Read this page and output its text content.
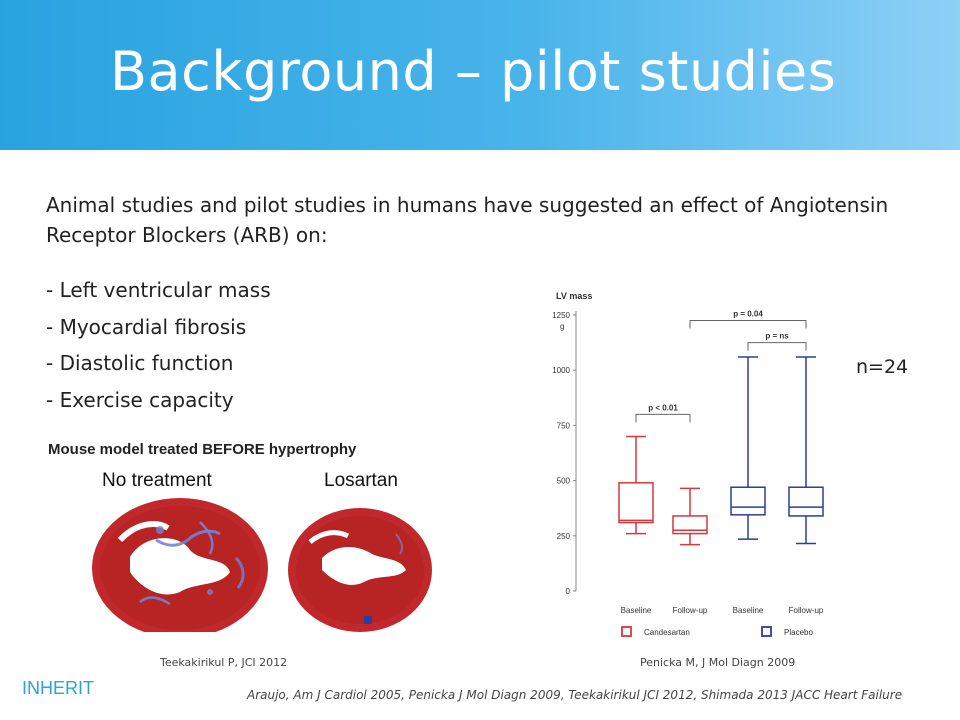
Background – pilot studies
Animal studies and pilot studies in humans have suggested an effect of Angiotensin Receptor Blockers (ARB) on:
- Left ventricular mass
- Myocardial fibrosis
- Diastolic function
- Exercise capacity
Mouse model treated BEFORE hypertrophy
No treatment	Losartan
Teekakirikul P, JCI 2012
LV mass
g
0
250
500
750
1000
1250
Baseline	Follow-up	Baseline	Follow-up
p < 0.01
p = 0.04
p = ns
Candesartan	Placebo
n=24
Penicka M, J Mol Diagn 2009
INHERIT	Araujo, Am J Cardiol 2005, Penicka J Mol Diagn 2009, Teekakirikul JCI 2012, Shimada 2013 JACC Heart Failure
